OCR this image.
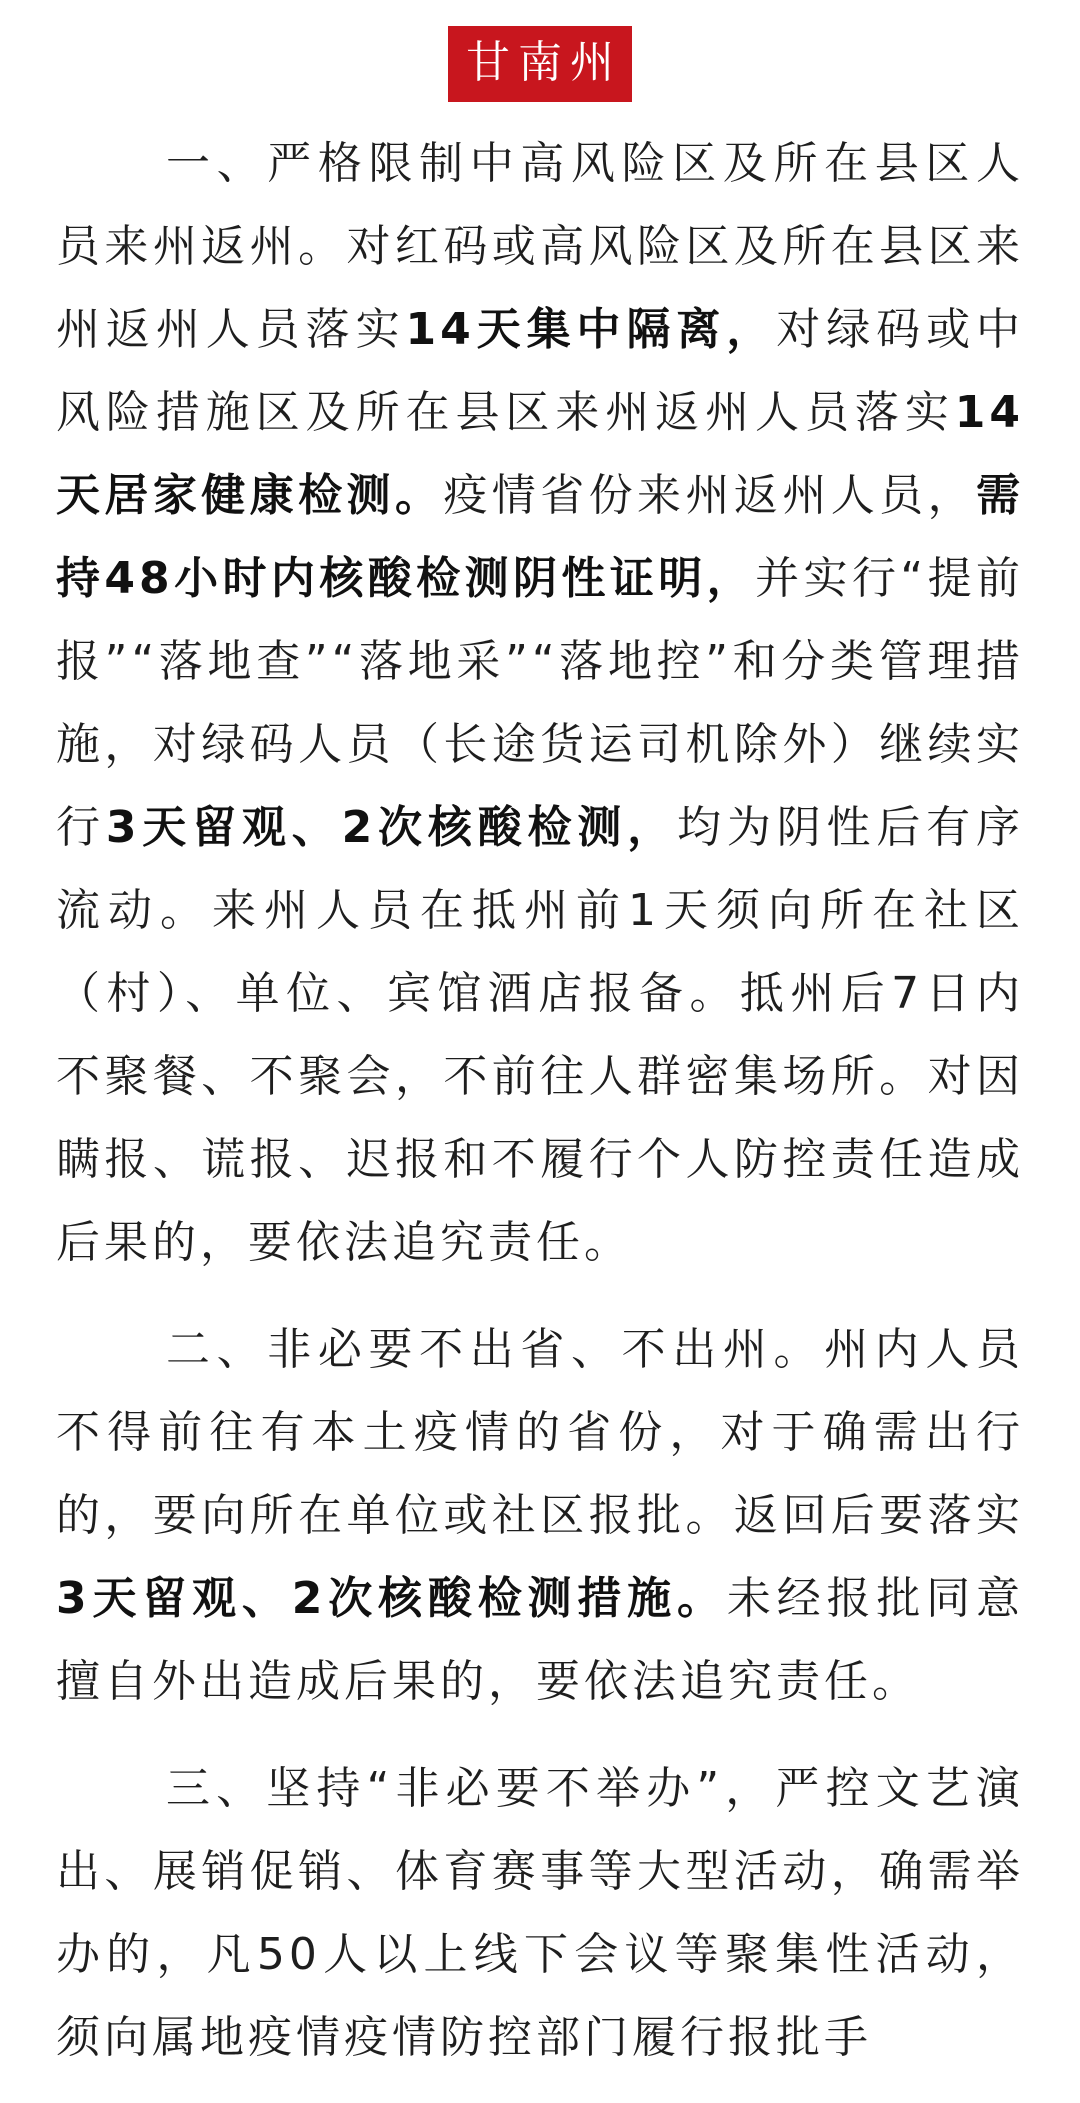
甘南州

一、严格限制中高风险区及所在县区人员来州返州。对红码或高风险区及所在县区来州返州人员落实14天集中隔离，对绿码或中风险措施区及所在县区来州返州人员落实14天居家健康检测。疫情省份来州返州人员，需持48小时内核酸检测阴性证明，并实行“提前报”“落地查”“落地采”“落地控”和分类管理措施，对绿码人员（长途货运司机除外）继续实行3天留观、2次核酸检测，均为阴性后有序流动。来州人员在抵州前1天须向所在社区（村）、单位、宾馆酒店报备。抵州后7日内不聚餐、不聚会，不前往人群密集场所。对因瞒报、谎报、迟报和不履行个人防控责任造成后果的，要依法追究责任。

二、非必要不出省、不出州。州内人员不得前往有本土疫情的省份，对于确需出行的，要向所在单位或社区报批。返回后要落实3天留观、2次核酸检测措施。未经报批同意擅自外出造成后果的，要依法追究责任。

三、坚持“非必要不举办”，严控文艺演出、展销促销、体育赛事等大型活动，确需举办的，凡50人以上线下会议等聚集性活动，须向属地疫情疫情防控部门履行报批手
